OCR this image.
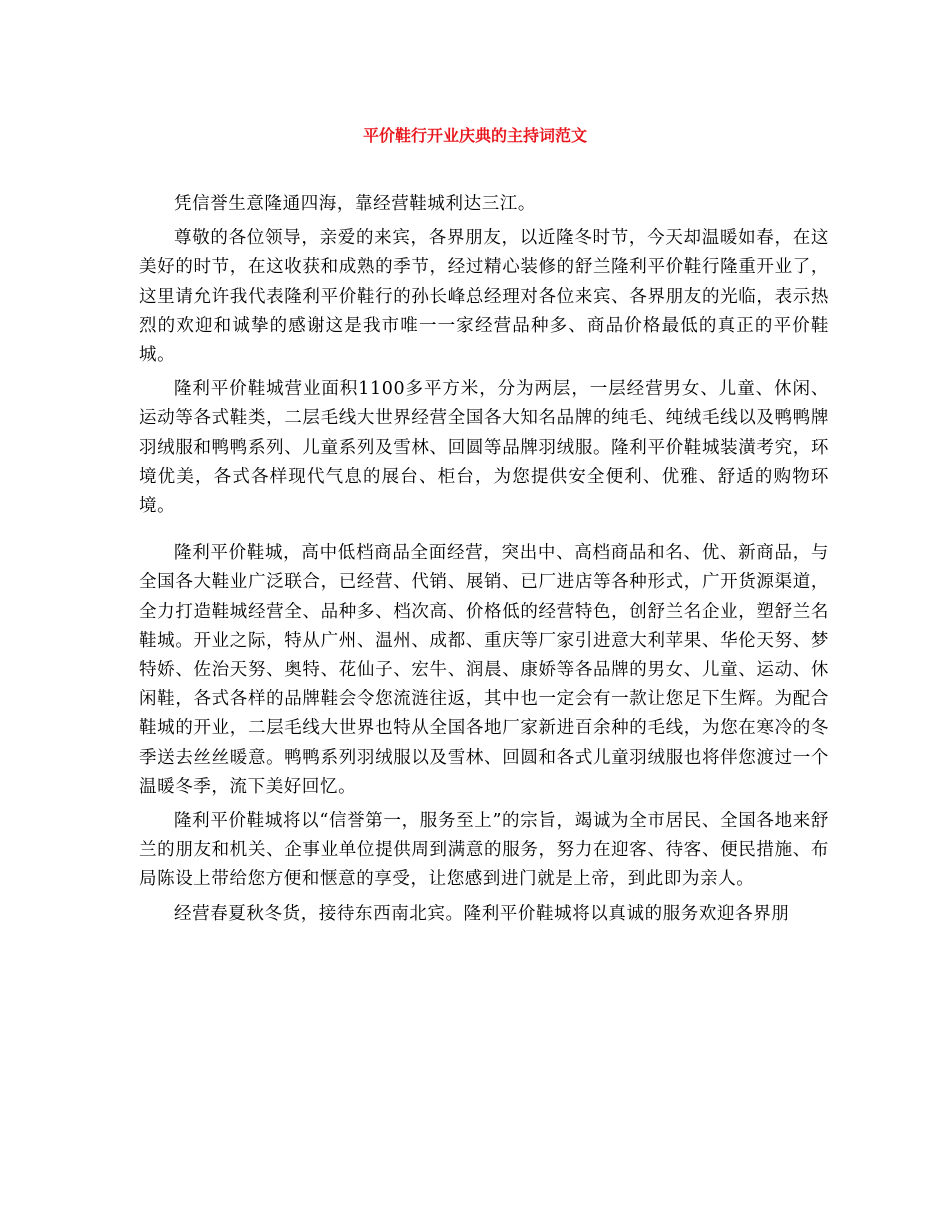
平价鞋行开业庆典的主持词范文

凭信誉生意隆通四海，靠经营鞋城利达三江。

尊敬的各位领导，亲爱的来宾，各界朋友，以近隆冬时节，今天却温暖如春，在这美好的时节，在这收获和成熟的季节，经过精心装修的舒兰隆利平价鞋行隆重开业了，这里请允许我代表隆利平价鞋行的孙长峰总经理对各位来宾、各界朋友的光临，表示热烈的欢迎和诚挚的感谢这是我市唯一一家经营品种多、商品价格最低的真正的平价鞋城。

隆利平价鞋城营业面积1100多平方米，分为两层，一层经营男女、儿童、休闲、运动等各式鞋类，二层毛线大世界经营全国各大知名品牌的纯毛、纯绒毛线以及鸭鸭牌羽绒服和鸭鸭系列、儿童系列及雪林、回圆等品牌羽绒服。隆利平价鞋城装潢考究，环境优美，各式各样现代气息的展台、柜台，为您提供安全便利、优雅、舒适的购物环境。

隆利平价鞋城，高中低档商品全面经营，突出中、高档商品和名、优、新商品，与全国各大鞋业广泛联合，已经营、代销、展销、已厂进店等各种形式，广开货源渠道，全力打造鞋城经营全、品种多、档次高、价格低的经营特色，创舒兰名企业，塑舒兰名鞋城。开业之际，特从广州、温州、成都、重庆等厂家引进意大利苹果、华伦天努、梦特娇、佐治天努、奥特、花仙子、宏牛、润晨、康娇等各品牌的男女、儿童、运动、休闲鞋，各式各样的品牌鞋会令您流涟往返，其中也一定会有一款让您足下生辉。为配合鞋城的开业，二层毛线大世界也特从全国各地厂家新进百余种的毛线，为您在寒冷的冬季送去丝丝暖意。鸭鸭系列羽绒服以及雪林、回圆和各式儿童羽绒服也将伴您渡过一个温暖冬季，流下美好回忆。

隆利平价鞋城将以“信誉第一，服务至上”的宗旨，竭诚为全市居民、全国各地来舒兰的朋友和机关、企事业单位提供周到满意的服务，努力在迎客、待客、便民措施、布局陈设上带给您方便和惬意的享受，让您感到进门就是上帝，到此即为亲人。

经营春夏秋冬货，接待东西南北宾。隆利平价鞋城将以真诚的服务欢迎各界朋
